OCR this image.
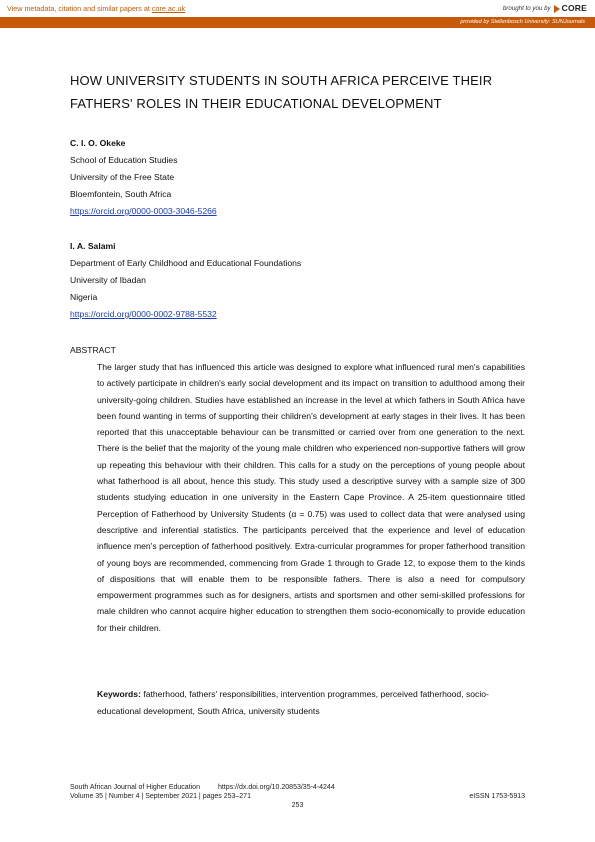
View metadata, citation and similar papers at core.ac.uk	brought to you by CORE
provided by Stellenbosch University: SUNJournals
HOW UNIVERSITY STUDENTS IN SOUTH AFRICA PERCEIVE THEIR
FATHERS' ROLES IN THEIR EDUCATIONAL DEVELOPMENT
C. I. O. Okeke
School of Education Studies
University of the Free State
Bloemfontein, South Africa
https://orcid.org/0000-0003-3046-5266
I. A. Salami
Department of Early Childhood and Educational Foundations
University of Ibadan
Nigeria
https://orcid.org/0000-0002-9788-5532
ABSTRACT

The larger study that has influenced this article was designed to explore what influenced rural men's capabilities to actively participate in children's early social development and its impact on transition to adulthood among their university-going children. Studies have established an increase in the level at which fathers in South Africa have been found wanting in terms of supporting their children's development at early stages in their lives. It has been reported that this unacceptable behaviour can be transmitted or carried over from one generation to the next. There is the belief that the majority of the young male children who experienced non-supportive fathers will grow up repeating this behaviour with their children. This calls for a study on the perceptions of young people about what fatherhood is all about, hence this study. This study used a descriptive survey with a sample size of 300 students studying education in one university in the Eastern Cape Province. A 25-item questionnaire titled Perception of Fatherhood by University Students (α = 0.75) was used to collect data that were analysed using descriptive and inferential statistics. The participants perceived that the experience and level of education influence men's perception of fatherhood positively. Extra-curricular programmes for proper fatherhood transition of young boys are recommended, commencing from Grade 1 through to Grade 12, to expose them to the kinds of dispositions that will enable them to be responsible fathers. There is also a need for compulsory empowerment programmes such as for designers, artists and sportsmen and other semi-skilled professions for male children who cannot acquire higher education to strengthen them socio-economically to provide education for their children.

Keywords: fatherhood, fathers' responsibilities, intervention programmes, perceived fatherhood, socio-educational development, South Africa, university students

South African Journal of Higher Education	https://dx.doi.org/10.20853/35-4-4244
Volume 35 | Number 4 | September 2021 | pages 253‒271	eISSN 1753-5913
253
